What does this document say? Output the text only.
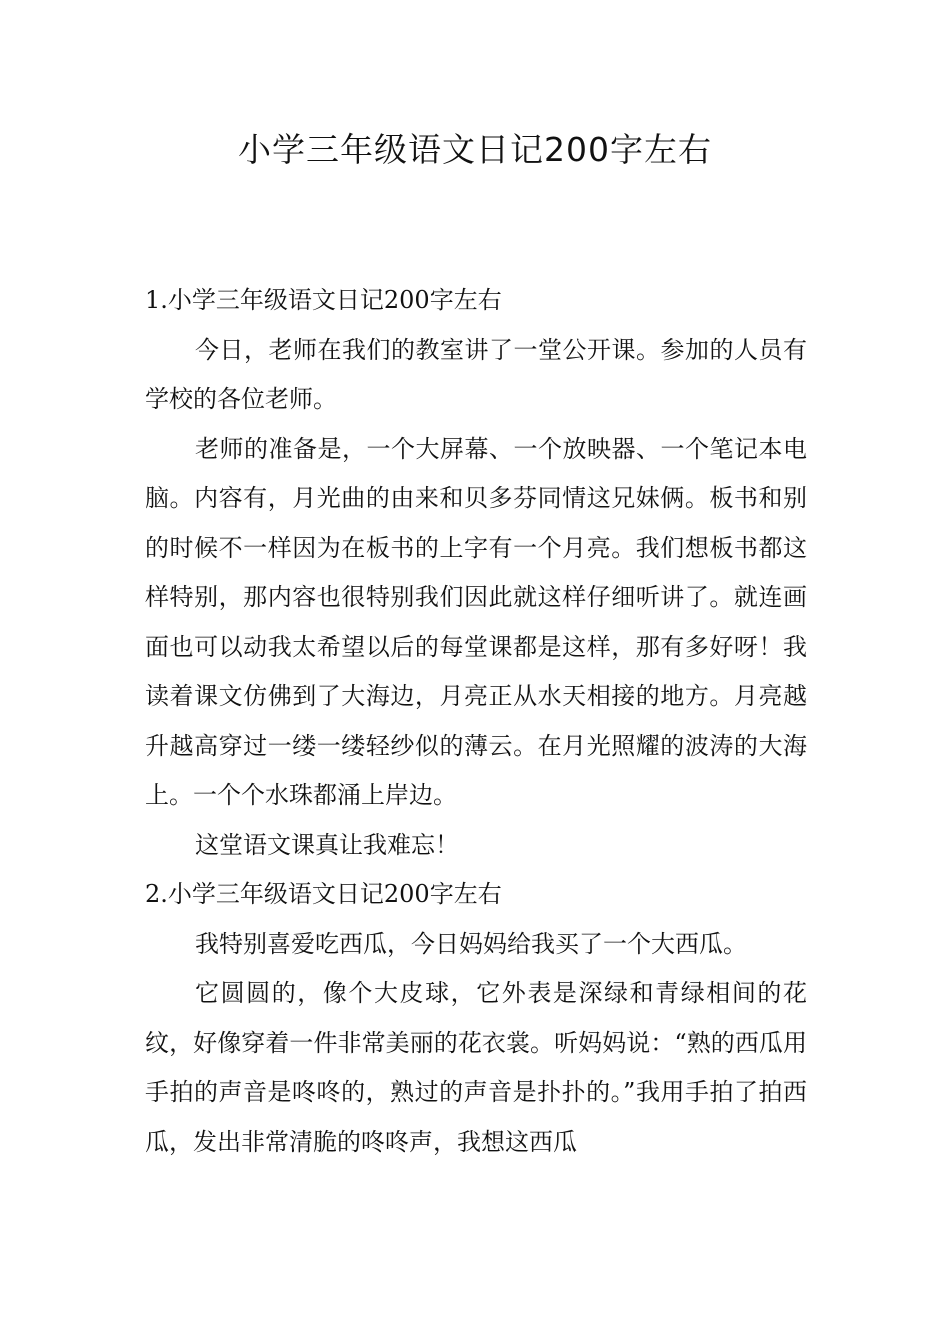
小学三年级语文日记200字左右

1.小学三年级语文日记200字左右

今日，老师在我们的教室讲了一堂公开课。参加的人员有学校的各位老师。

老师的准备是，一个大屏幕、一个放映器、一个笔记本电脑。内容有，月光曲的由来和贝多芬同情这兄妹俩。板书和别的时候不一样因为在板书的上字有一个月亮。我们想板书都这样特别，那内容也很特别我们因此就这样仔细听讲了。就连画面也可以动我太希望以后的每堂课都是这样，那有多好呀！我读着课文仿佛到了大海边，月亮正从水天相接的地方。月亮越升越高穿过一缕一缕轻纱似的薄云。在月光照耀的波涛的大海上。一个个水珠都涌上岸边。

这堂语文课真让我难忘！

2.小学三年级语文日记200字左右

我特别喜爱吃西瓜，今日妈妈给我买了一个大西瓜。

它圆圆的，像个大皮球，它外表是深绿和青绿相间的花纹，好像穿着一件非常美丽的花衣裳。听妈妈说：“熟的西瓜用手拍的声音是咚咚的，熟过的声音是扑扑的。”我用手拍了拍西瓜，发出非常清脆的咚咚声，我想这西瓜
